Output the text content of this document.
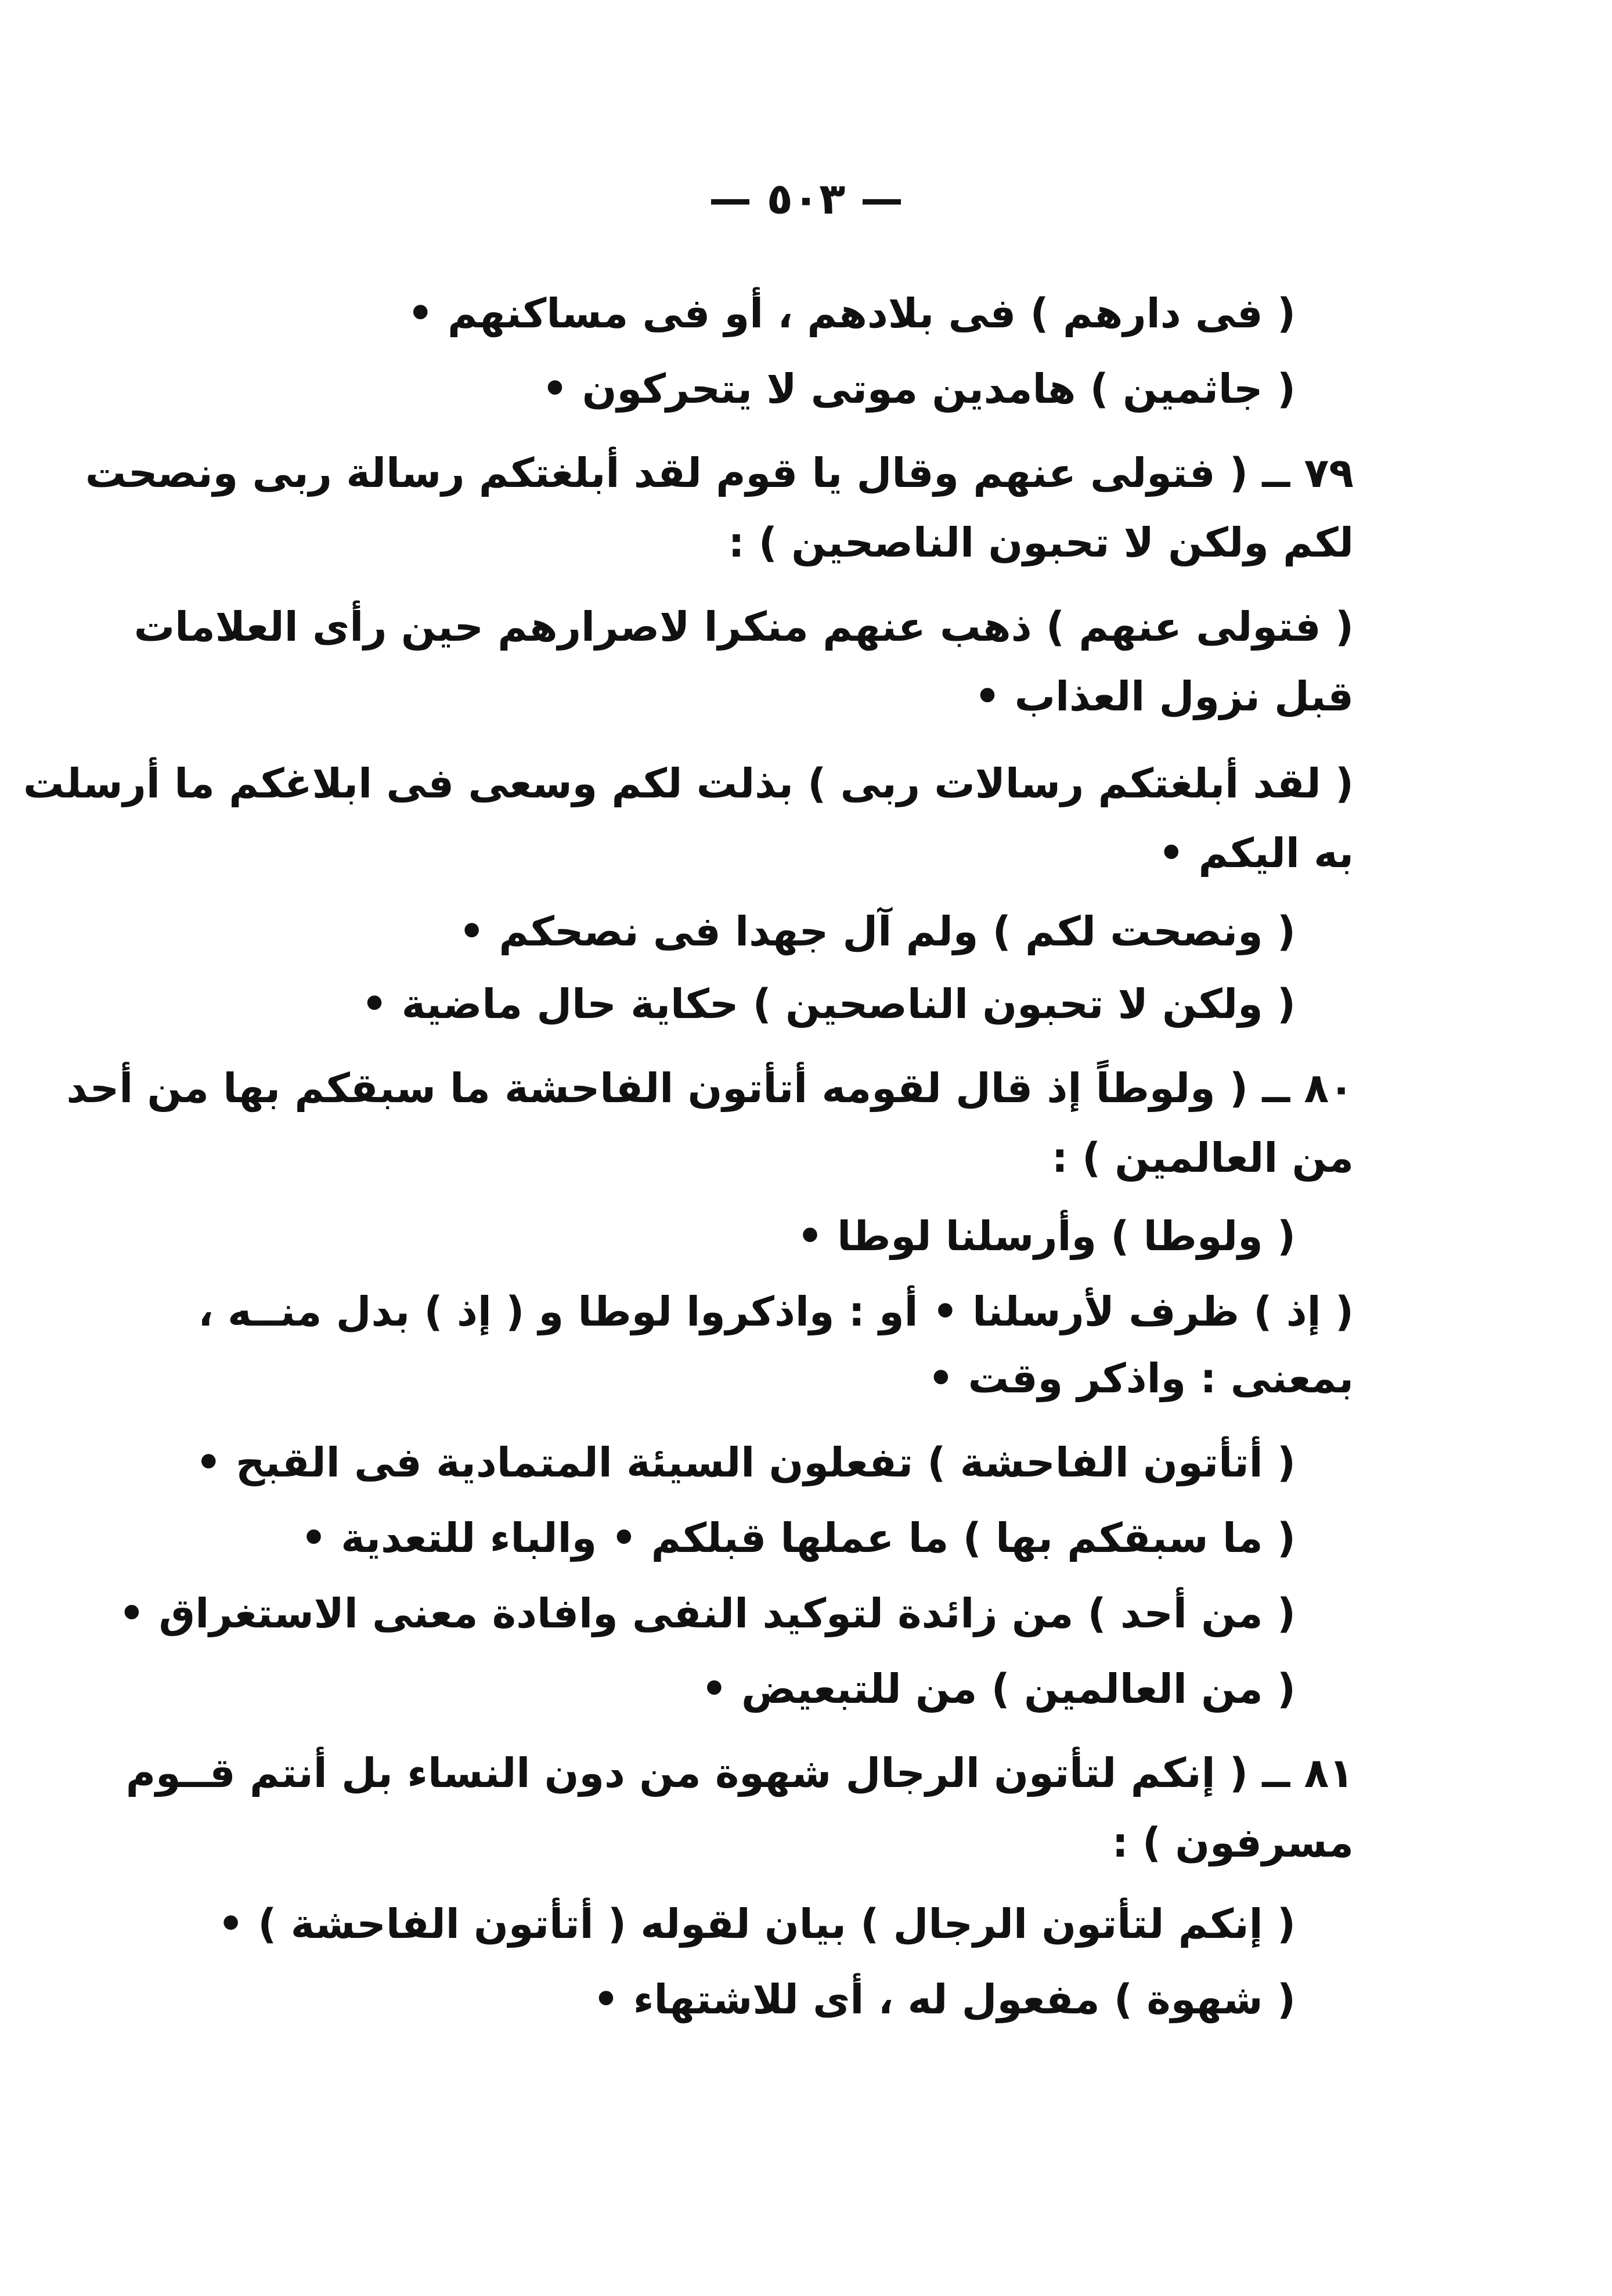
— ٥٠٣ —
( فى دارهم ) فى بلادهم ، أو فى مساكنهم •
( جاثمين ) هامدين موتى لا يتحركون •
٧٩ ــ ( فتولى عنهم وقال يا قوم لقد أبلغتكم رسالة ربى ونصحت
لكم ولكن لا تحبون الناصحين ) :
( فتولى عنهم ) ذهب عنهم منكرا لاصرارهم حين رأى العلامات
قبل نزول العذاب •
( لقد أبلغتكم رسالات ربى ) بذلت لكم وسعى فى ابلاغكم ما أرسلت
به اليكم •
( ونصحت لكم ) ولم آل جهدا فى نصحكم •
( ولكن لا تحبون الناصحين ) حكاية حال ماضية •
٨٠ ــ ( ولوطاً إذ قال لقومه أتأتون الفاحشة ما سبقكم بها من أحد
من العالمين ) :
( ولوطا ) وأرسلنا لوطا •
( إذ ) ظرف لأرسلنا • أو : واذكروا لوطا و ( إذ ) بدل منــه ،
بمعنى : واذكر وقت •
( أتأتون الفاحشة ) تفعلون السيئة المتمادية فى القبح •
( ما سبقكم بها ) ما عملها قبلكم • والباء للتعدية •
( من أحد ) من زائدة لتوكيد النفى وافادة معنى الاستغراق •
( من العالمين ) من للتبعيض •
٨١ ــ ( إنكم لتأتون الرجال شهوة من دون النساء بل أنتم قــوم
مسرفون ) :
( إنكم لتأتون الرجال ) بيان لقوله ( أتأتون الفاحشة ) •
( شهوة ) مفعول له ، أى للاشتهاء •
